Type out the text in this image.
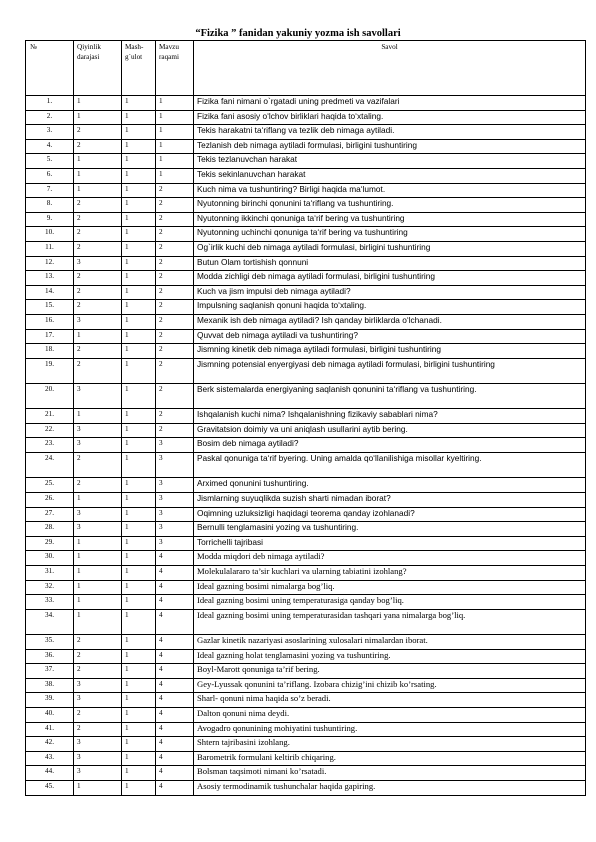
“Fizika ” fanidan yakuniy yozma ish savollari
№	Qiyinlik darajasi	Mash-g`ulot	Mavzu raqami	Savol
1.	1	1	1	Fizika fani nimani o`rgatadi uning predmeti va vazifalari
2.	1	1	1	Fizika fani asosiy o‘lchov birliklari haqida to‘xtaling.
3.	2	1	1	Tekis harakatni ta‘riflang va tezlik deb nimaga aytiladi.
4.	2	1	1	Tezlanish deb nimaga aytiladi formulasi, birligini tushuntiring
5.	1	1	1	Tekis tezlanuvchan harakat
6.	1	1	1	Tekis sekinlanuvchan harakat
7.	1	1	2	Kuch nima va tushuntiring? Birligi haqida ma‘lumot.
8.	2	1	2	Nyutonning birinchi qonunini ta‘riflang va tushuntiring.
9.	2	1	2	Nyutonning ikkinchi qonuniga ta‘rif bering va tushuntiring
10.	2	1	2	Nyutonning uchinchi qonuniga ta‘rif bering va tushuntiring
11.	2	1	2	Og`irlik kuchi deb nimaga aytiladi formulasi, birligini tushuntiring
12.	3	1	2	Butun Olam tortishish qonnuni
13.	2	1	2	Modda zichligi deb nimaga aytiladi formulasi, birligini tushuntiring
14.	2	1	2	Kuch va jism impulsi deb nimaga aytiladi?
15.	2	1	2	Impulsning saqlanish qonuni haqida to‘xtaling.
16.	3	1	2	Mexanik ish deb nimaga aytiladi? Ish qanday birliklarda o‘lchanadi.
17.	1	1	2	Quvvat deb nimaga aytiladi va tushuntiring?
18.	2	1	2	Jismning kinetik deb nimaga aytiladi formulasi, birligini tushuntiring
19.	2	1	2	Jismning potensial enyergiyasi deb nimaga aytiladi formulasi, birligini tushuntiring
20.	3	1	2	Berk sistemalarda energiyaning saqlanish qonunini ta‘riflang va tushuntiring.
21.	1	1	2	Ishqalanish kuchi nima? Ishqalanishning fizikaviy sabablari nima?
22.	3	1	2	Gravitatsion doimiy va uni aniqlash usullarini aytib bering.
23.	3	1	3	Bosim deb nimaga aytiladi?
24.	2	1	3	Paskal qonuniga ta‘rif byering. Uning amalda qo‘llanilishiga misollar kyeltiring.
25.	2	1	3	Arximed qonunini tushuntiring.
26.	1	1	3	Jismlarning suyuqlikda suzish sharti nimadan iborat?
27.	3	1	3	Oqimning uzluksizligi haqidagi teorema qanday izohlanadi?
28.	3	1	3	Bernulli tenglamasini yozing va tushuntiring.
29.	1	1	3	Torrichelli tajribasi
30.	1	1	4	Modda miqdori deb nimaga aytiladi?
31.	1	1	4	Molekulalararo ta’sir kuchlari va ularning tabiatini izohlang?
32.	1	1	4	Ideal gazning bosimi nimalarga bog’liq.
33.	1	1	4	Ideal gazning bosimi uning temperaturasiga qanday bog’liq.
34.	1	1	4	Ideal gazning bosimi uning temperaturasidan tashqari yana nimalarga bog’liq.
35.	2	1	4	Gazlar kinetik nazariyasi asoslarining xulosalari nimalardan iborat.
36.	2	1	4	Ideal gazning holat tenglamasini yozing va tushuntiring.
37.	2	1	4	Boyl-Marott qonuniga ta’rif bering.
38.	3	1	4	Gey-Lyussak qonunini ta’riflang. Izobara chizig’ini chizib ko’rsating.
39.	3	1	4	Sharl- qonuni nima haqida so’z beradi.
40.	2	1	4	Dalton qonuni nima deydi.
41.	2	1	4	Avogadro qonunining mohiyatini tushuntiring.
42.	3	1	4	Shtern tajribasini izohlang.
43.	3	1	4	Barometrik formulani keltirib chiqaring.
44.	3	1	4	Bolsman taqsimoti nimani ko’rsatadi.
45.	1	1	4	Asosiy termodinamik tushunchalar haqida gapiring.
